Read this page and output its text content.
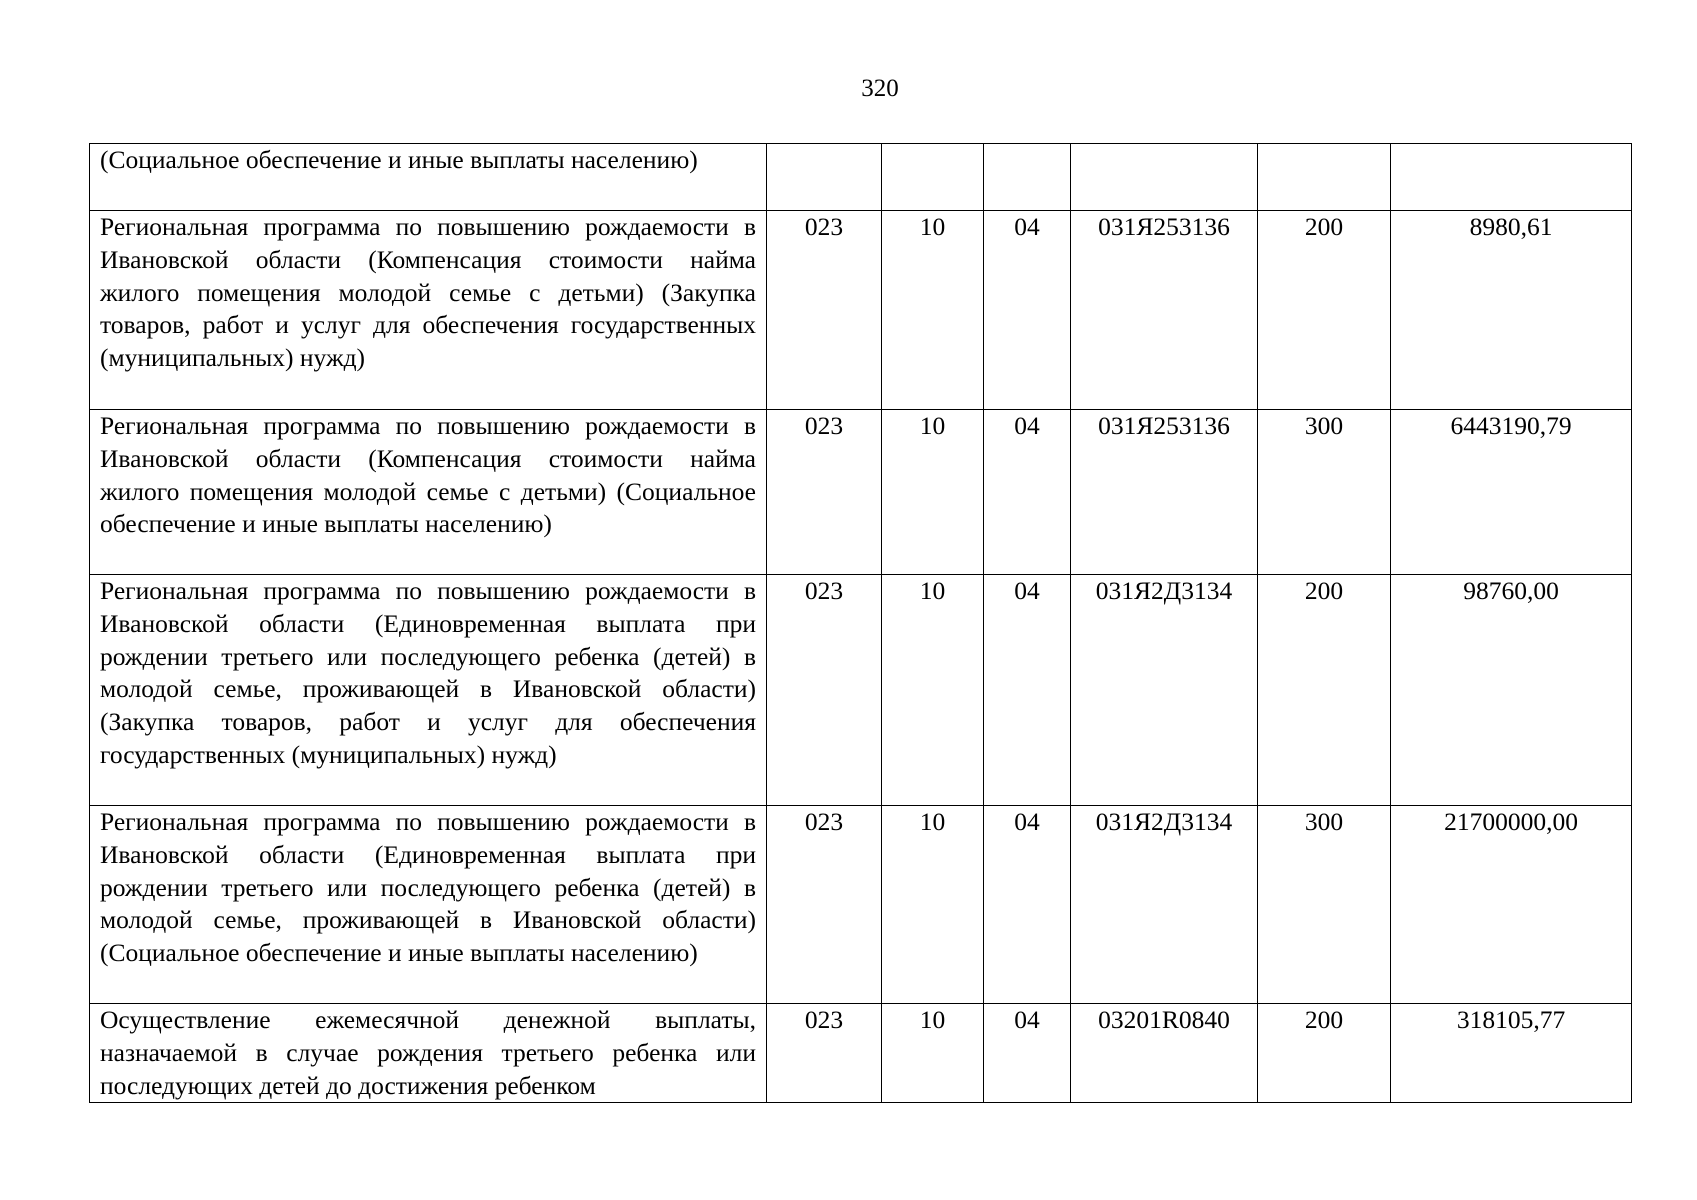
320
(Социальное обеспечение и иные выплаты населению)						
Региональная программа по повышению рождаемости в Ивановской области (Компенсация стоимости найма жилого помещения молодой семье с детьми) (Закупка товаров, работ и услуг для обеспечения государственных (муниципальных) нужд)	023	10	04	031Я253136	200	8980,61
Региональная программа по повышению рождаемости в Ивановской области (Компенсация стоимости найма жилого помещения молодой семье с детьми) (Социальное обеспечение и иные выплаты населению)	023	10	04	031Я253136	300	6443190,79
Региональная программа по повышению рождаемости в Ивановской области (Единовременная выплата при рождении третьего или последующего ребенка (детей) в молодой семье, проживающей в Ивановской области) (Закупка товаров, работ и услуг для обеспечения государственных (муниципальных) нужд)	023	10	04	031Я2Д3134	200	98760,00
Региональная программа по повышению рождаемости в Ивановской области (Единовременная выплата при рождении третьего или последующего ребенка (детей) в молодой семье, проживающей в Ивановской области) (Социальное обеспечение и иные выплаты населению)	023	10	04	031Я2Д3134	300	21700000,00
Осуществление ежемесячной денежной выплаты, назначаемой в случае рождения третьего ребенка или последующих детей до достижения ребенком	023	10	04	03201R0840	200	318105,77
